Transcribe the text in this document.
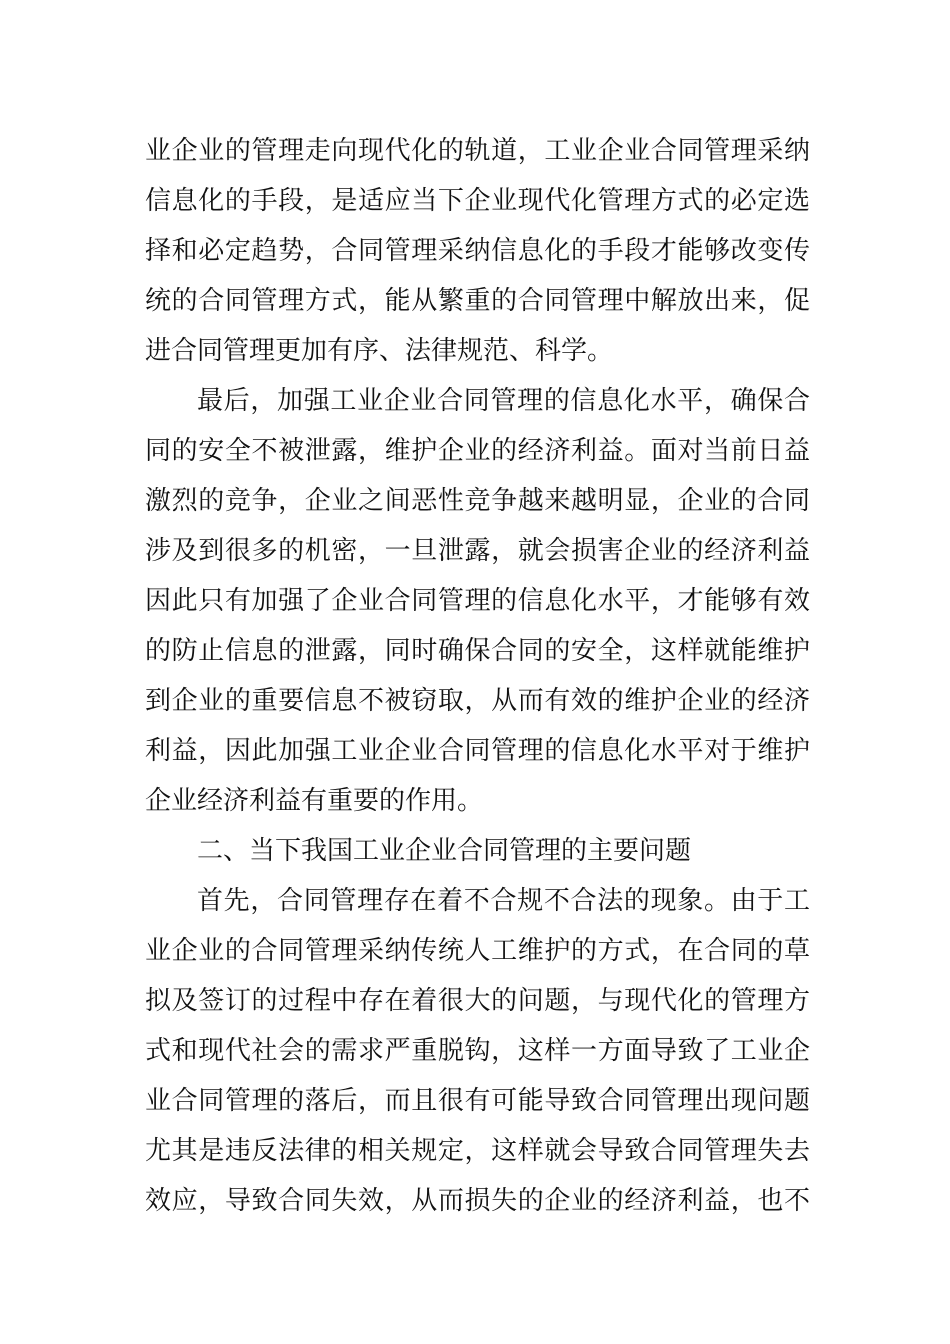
业企业的管理走向现代化的轨道，工业企业合同管理采纳
信息化的手段，是适应当下企业现代化管理方式的必定选
择和必定趋势，合同管理采纳信息化的手段才能够改变传
统的合同管理方式，能从繁重的合同管理中解放出来，促
进合同管理更加有序、法律规范、科学。
最后，加强工业企业合同管理的信息化水平，确保合
同的安全不被泄露，维护企业的经济利益。面对当前日益
激烈的竞争，企业之间恶性竞争越来越明显，企业的合同
涉及到很多的机密，一旦泄露，就会损害企业的经济利益
因此只有加强了企业合同管理的信息化水平，才能够有效
的防止信息的泄露，同时确保合同的安全，这样就能维护
到企业的重要信息不被窃取，从而有效的维护企业的经济
利益，因此加强工业企业合同管理的信息化水平对于维护
企业经济利益有重要的作用。
二、当下我国工业企业合同管理的主要问题
首先，合同管理存在着不合规不合法的现象。由于工
业企业的合同管理采纳传统人工维护的方式，在合同的草
拟及签订的过程中存在着很大的问题，与现代化的管理方
式和现代社会的需求严重脱钩，这样一方面导致了工业企
业合同管理的落后，而且很有可能导致合同管理出现问题
尤其是违反法律的相关规定，这样就会导致合同管理失去
效应，导致合同失效，从而损失的企业的经济利益，也不
